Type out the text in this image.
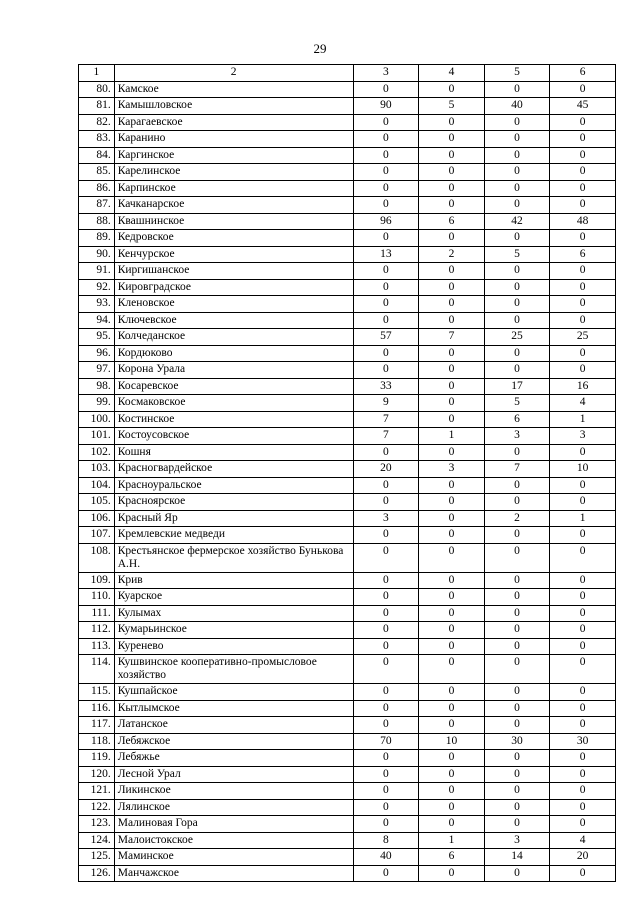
29
1	2	3	4	5	6
80.	Камское	0	0	0	0
81.	Камышловское	90	5	40	45
82.	Карагаевское	0	0	0	0
83.	Каранино	0	0	0	0
84.	Каргинское	0	0	0	0
85.	Карелинское	0	0	0	0
86.	Карпинское	0	0	0	0
87.	Качканарское	0	0	0	0
88.	Квашнинское	96	6	42	48
89.	Кедровское	0	0	0	0
90.	Кенчурское	13	2	5	6
91.	Киргишанское	0	0	0	0
92.	Кировградское	0	0	0	0
93.	Кленовское	0	0	0	0
94.	Ключевское	0	0	0	0
95.	Колчеданское	57	7	25	25
96.	Кордюково	0	0	0	0
97.	Корона Урала	0	0	0	0
98.	Косаревское	33	0	17	16
99.	Космаковское	9	0	5	4
100.	Костинское	7	0	6	1
101.	Костоусовское	7	1	3	3
102.	Кошня	0	0	0	0
103.	Красногвардейское	20	3	7	10
104.	Красноуральское	0	0	0	0
105.	Красноярское	0	0	0	0
106.	Красный Яр	3	0	2	1
107.	Кремлевские медведи	0	0	0	0
108.	Крестьянское фермерское хозяйство Бунькова А.Н.	0	0	0	0
109.	Крив	0	0	0	0
110.	Куарское	0	0	0	0
111.	Кулымах	0	0	0	0
112.	Кумарьинское	0	0	0	0
113.	Куренево	0	0	0	0
114.	Кушвинское кооперативно-промысловое хозяйство	0	0	0	0
115.	Кушпайское	0	0	0	0
116.	Кытлымское	0	0	0	0
117.	Латанское	0	0	0	0
118.	Лебяжское	70	10	30	30
119.	Лебяжье	0	0	0	0
120.	Лесной Урал	0	0	0	0
121.	Ликинское	0	0	0	0
122.	Лялинское	0	0	0	0
123.	Малиновая Гора	0	0	0	0
124.	Малоистокское	8	1	3	4
125.	Маминское	40	6	14	20
126.	Манчажское	0	0	0	0
